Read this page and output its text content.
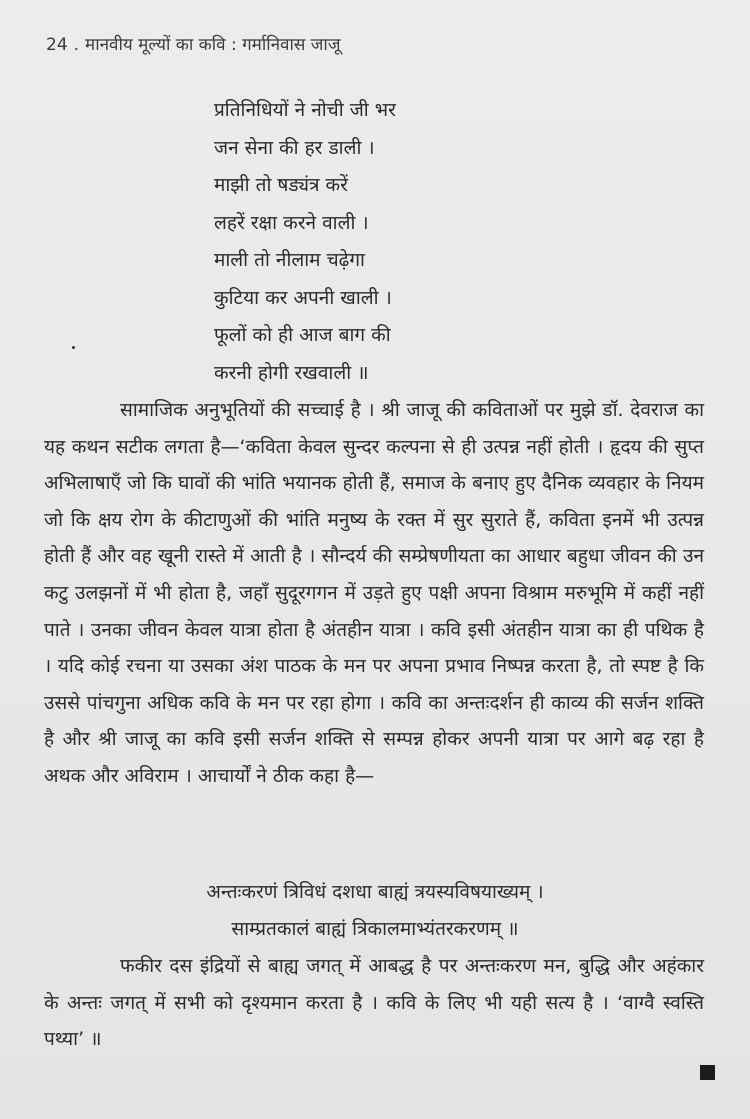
24 . मानवीय मूल्यों का कवि : गर्मानिवास जाजू
प्रतिनिधियों ने नोची जी भर
जन सेना की हर डाली ।
माझी तो षड्यंत्र करें
लहरें रक्षा करने वाली ।
माली तो नीलाम चढ़ेगा
कुटिया कर अपनी खाली ।
फूलों को ही आज बाग की
करनी होगी रखवाली ॥
सामाजिक अनुभूतियों की सच्चाई है । श्री जाजू की कविताओं पर मुझे डॉ. देवराज का यह कथन सटीक लगता है—‘कविता केवल सुन्दर कल्पना से ही उत्पन्न नहीं होती । हृदय की सुप्त अभिलाषाएँ जो कि घावों की भांति भयानक होती हैं, समाज के बनाए हुए दैनिक व्यवहार के नियम जो कि क्षय रोग के कीटाणुओं की भांति मनुष्य के रक्त में सुर सुराते हैं, कविता इनमें भी उत्पन्न होती हैं और वह खूनी रास्ते में आती है । सौन्दर्य की सम्प्रेषणीयता का आधार बहुधा जीवन की उन कटु उलझनों में भी होता है, जहाँ सुदूरगगन में उड़ते हुए पक्षी अपना विश्राम मरुभूमि में कहीं नहीं पाते । उनका जीवन केवल यात्रा होता है अंतहीन यात्रा । कवि इसी अंतहीन यात्रा का ही पथिक है । यदि कोई रचना या उसका अंश पाठक के मन पर अपना प्रभाव निष्पन्न करता है, तो स्पष्ट है कि उससे पांचगुना अधिक कवि के मन पर रहा होगा । कवि का अन्तःदर्शन ही काव्य की सर्जन शक्ति है और श्री जाजू का कवि इसी सर्जन शक्ति से सम्पन्न होकर अपनी यात्रा पर आगे बढ़ रहा है अथक और अविराम । आचार्यों ने ठीक कहा है—
अन्तःकरणं त्रिविधं दशधा बाह्यं त्रयस्यविषयाख्यम् ।
साम्प्रतकालं बाह्यं त्रिकालमाभ्यंतरकरणम् ॥
फकीर दस इंद्रियों से बाह्य जगत् में आबद्ध है पर अन्तःकरण मन, बुद्धि और अहंकार के अन्तः जगत् में सभी को दृश्यमान करता है । कवि के लिए भी यही सत्य है । ‘वाग्वै स्वस्ति पथ्या’ ॥
